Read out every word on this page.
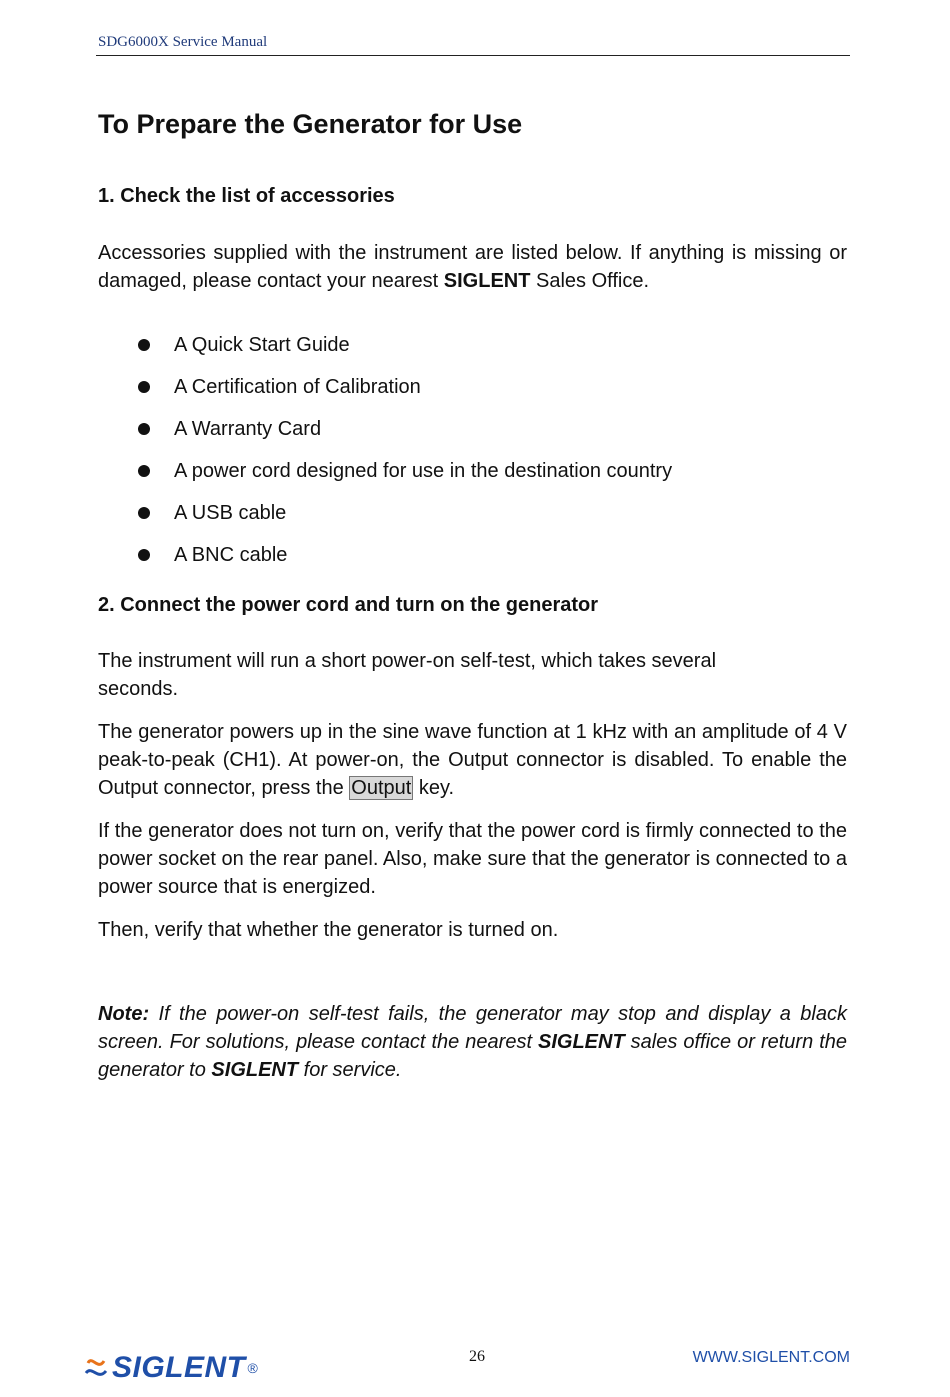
SDG6000X Service Manual
To Prepare the Generator for Use
1. Check the list of accessories

Accessories supplied with the instrument are listed below. If anything is missing or damaged, please contact your nearest SIGLENT Sales Office.

A Quick Start Guide
A Certification of Calibration
A Warranty Card
A power cord designed for use in the destination country
A USB cable
A BNC cable
2. Connect the power cord and turn on the generator

The instrument will run a short power-on self-test, which takes several seconds.

The generator powers up in the sine wave function at 1 kHz with an amplitude of 4 V peak-to-peak (CH1). At power-on, the Output connector is disabled. To enable the Output connector, press the Output key.

If the generator does not turn on, verify that the power cord is firmly connected to the power socket on the rear panel. Also, make sure that the generator is connected to a power source that is energized.

Then, verify that whether the generator is turned on.

Note: If the power-on self-test fails, the generator may stop and display a black screen. For solutions, please contact the nearest SIGLENT sales office or return the generator to SIGLENT for service.

SIGLENT ®
26	WWW.SIGLENT.COM
